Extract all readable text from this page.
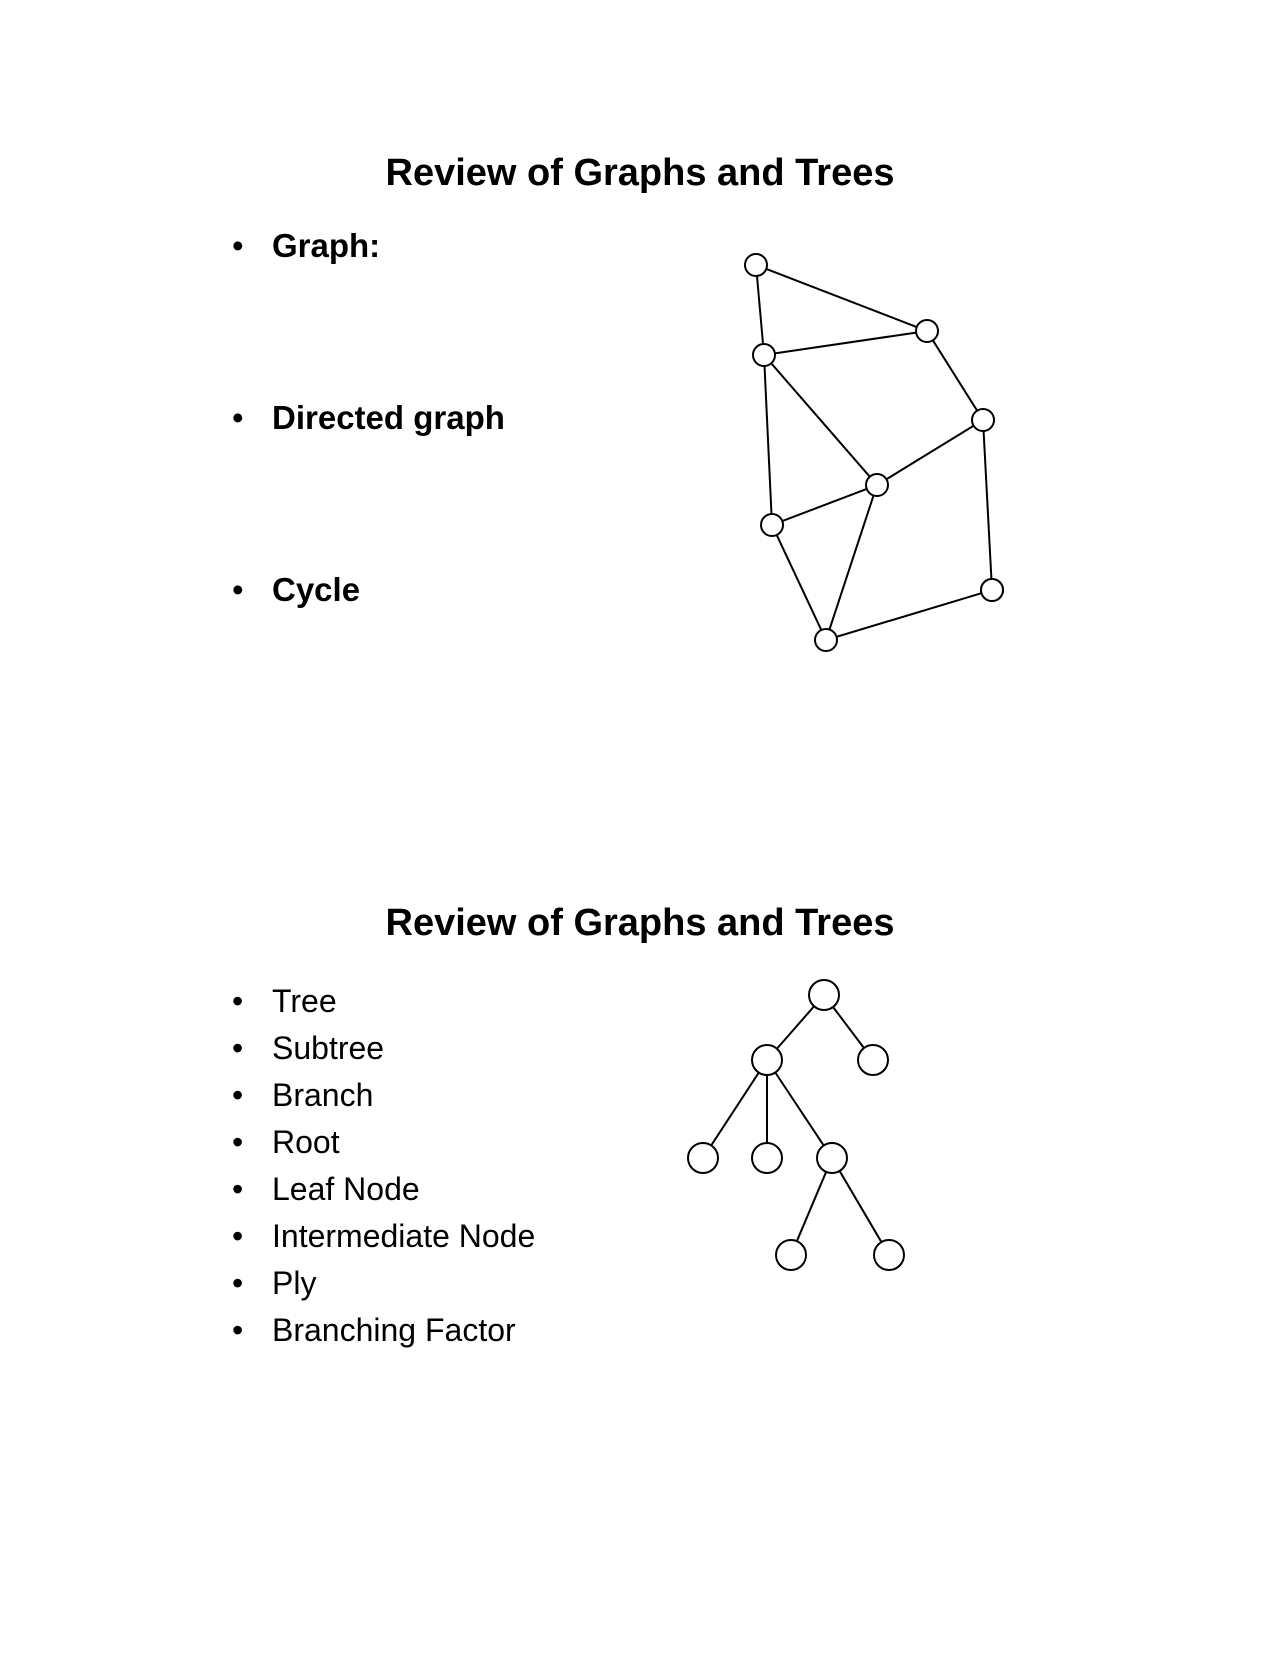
Review of Graphs and Trees
• Graph:
• Directed graph
• Cycle
Review of Graphs and Trees
• Tree
• Subtree
• Branch
• Root
• Leaf Node
• Intermediate Node
• Ply
• Branching Factor
